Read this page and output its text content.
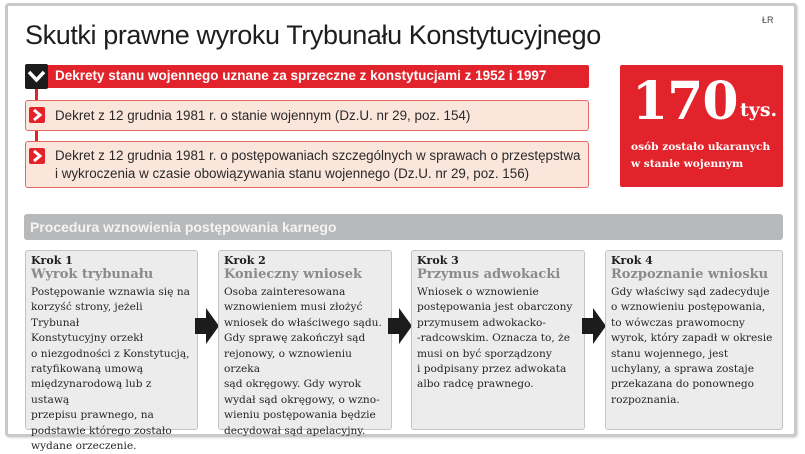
Skutki prawne wyroku Trybunału Konstytucyjnego	ŁR
Dekrety stanu wojennego uznane za sprzeczne z konstytucjami z 1952 i 1997
Dekret z 12 grudnia 1981 r. o stanie wojennym (Dz.U. nr 29, poz. 154)
Dekret z 12 grudnia 1981 r. o postępowaniach szczególnych w sprawach o przestępstwa
i wykroczenia w czasie obowiązywania stanu wojennego (Dz.U. nr 29, poz. 156)
170 tys.
osób zostało ukaranych w stanie wojennym
Procedura wznowienia postępowania karnego
Krok 1
Wyrok trybunału
Postępowanie wznawia się na
korzyść strony, jeżeli Trybunał
Konstytucyjny orzekł
o niezgodności z Konstytucją,
ratyfikowaną umową
międzynarodową lub z ustawą
przepisu prawnego, na
podstawie którego zostało
wydane orzeczenie.
Krok 2
Konieczny wniosek
Osoba zainteresowana
wznowieniem musi złożyć
wniosek do właściwego sądu.
Gdy sprawę zakończył sąd
rejonowy, o wznowieniu orzeka
sąd okręgowy. Gdy wyrok
wydał sąd okręgowy, o wzno-
wieniu postępowania będzie
decydował sąd apelacyjny.
Krok 3
Przymus adwokacki
Wniosek o wznowienie
postępowania jest obarczony
przymusem adwokacko-
-radcowskim. Oznacza to, że
musi on być sporządzony
i podpisany przez adwokata
albo radcę prawnego.
Krok 4
Rozpoznanie wniosku
Gdy właściwy sąd zadecyduje
o wznowieniu postępowania,
to wówczas prawomocny
wyrok, który zapadł w okresie
stanu wojennego, jest
uchylany, a sprawa zostaje
przekazana do ponownego
rozpoznania.
